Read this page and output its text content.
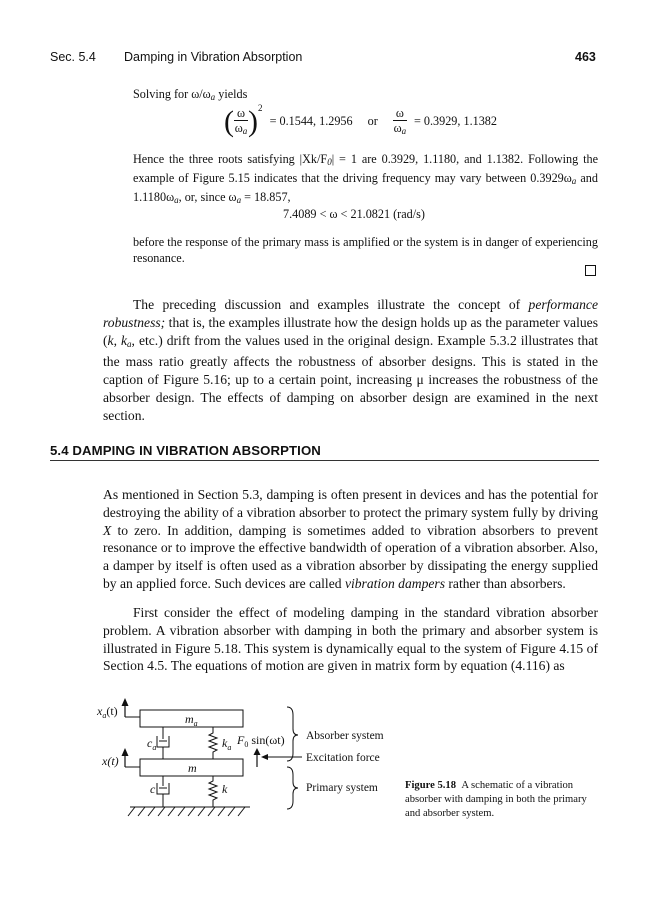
Sec. 5.4 Damping in Vibration Absorption	463
Solving for $\omega/\omega_a$ yields
( $\frac{\omega}{\omega_a} )^2 = 0.1544$, 1.2956 or $\frac{\omega}{\omega_a} = 0.3929$, 1.1382
Hence the three roots satisfying $|Xk/F_0| = 1$ are 0.3929, 1.1180, and 1.1382. Following the example of Figure 5.15 indicates that the driving frequency may vary between $0.3929\omega_a$ and $1.1180\omega_a$, or, since $\omega_a = 18.857$,
7.4089 < ω < 21.0821 (rad/s)
before the response of the primary mass is amplified or the system is in danger of experiencing resonance.
The preceding discussion and examples illustrate the concept of performance robustness; that is, the examples illustrate how the design holds up as the parameter values (k, $k_a$, etc.) drift from the values used in the original design. Example 5.3.2 illustrates that the mass ratio greatly affects the robustness of absorber designs. This is stated in the caption of Figure 5.16; up to a certain point, increasing μ increases the robustness of the absorber design. The effects of damping on absorber design are examined in the next section.
5.4 DAMPING IN VIBRATION ABSORPTION
As mentioned in Section 5.3, damping is often present in devices and has the potential for destroying the ability of a vibration absorber to protect the primary system fully by driving X to zero. In addition, damping is sometimes added to vibration absorbers to prevent resonance or to improve the effective bandwidth of operation of a vibration absorber. Also, a damper by itself is often used as a vibration absorber by dissipating the energy supplied by an applied force. Such devices are called vibration dampers rather than absorbers.
First consider the effect of modeling damping in the standard vibration absorber problem. A vibration absorber with damping in both the primary and absorber system is illustrated in Figure 5.18. This system is dynamically equal to the system of Figure 4.15 of Section 4.5. The equations of motion are given in matrix form by equation (4.116) as
$x_a(t)$
$m_a$
$c_a$	$k_a$
$F_0$ sin(ωt)
x(t)	m
c	k
Absorber system
Excitation force
Primary system	Figure 5.18 A schematic of a vibration absorber with damping in both the primary and absorber system.
